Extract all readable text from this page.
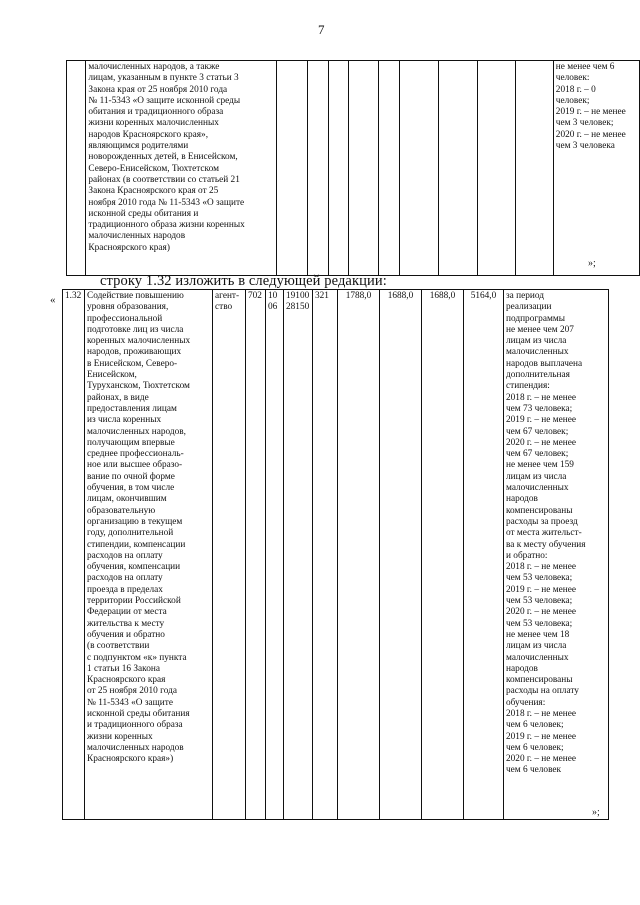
7
	малочисленных народов, а также
лицам, указанным в пункте 3 статьи 3
Закона края от 25 ноября 2010 года
№ 11-5343 «О защите исконной среды
обитания и традиционного образа
жизни коренных малочисленных
народов Красноярского края»,
являющимся родителями
новорожденных детей, в Енисейском,
Северо-Енисейском, Тюхтетском
районах (в соответствии со статьей 21
Закона Красноярского края от 25
ноября 2010 года № 11-5343 «О защите
исконной среды обитания и
традиционного образа жизни коренных
малочисленных народов
Красноярского края)										не менее чем 6
человек:
2018 г. – 0
человек;
2019 г. – не менее
чем 3 человек;
2020 г. – не менее
чем 3 человека
»;
строку 1.32 изложить в следующей редакции:
« 1.32	Содействие повышению
уровня образования,
профессиональной
подготовке лиц из числа
коренных малочисленных
народов, проживающих
в Енисейском, Северо-
Енисейском,
Туруханском, Тюхтетском
районах, в виде
предоставления лицам
из числа коренных
малочисленных народов,
получающим впервые
среднее профессиональ-
ное или высшее образо-
вание по очной форме
обучения, в том числе
лицам, окончившим
образовательную
организацию в текущем
году, дополнительной
стипендии, компенсации
расходов на оплату
обучения, компенсации
расходов на оплату
проезда в пределах
территории Российской
Федерации от места
жительства к месту
обучения и обратно
(в соответствии
с подпунктом «к» пункта
1 статьи 16 Закона
Красноярского края
от 25 ноября 2010 года
№ 11-5343 «О защите
исконной среды обитания
и традиционного образа
жизни коренных
малочисленных народов
Красноярского края»)	агент-
ство	702	10
06	19100
28150	321	1788,0	1688,0	1688,0	5164,0	за период
реализации
подпрограммы
не менее чем 207
лицам из числа
малочисленных
народов выплачена
дополнительная
стипендия:
2018 г. – не менее
чем 73 человека;
2019 г. – не менее
чем 67 человек;
2020 г. – не менее
чем 67 человек;
не менее чем 159
лицам из числа
малочисленных
народов
компенсированы
расходы за проезд
от места жительст-
ва к месту обучения
и обратно:
2018 г. – не менее
чем 53 человека;
2019 г. – не менее
чем 53 человека;
2020 г. – не менее
чем 53 человека;
не менее чем 18
лицам из числа
малочисленных
народов
компенсированы
расходы на оплату
обучения:
2018 г. – не менее
чем 6 человек;
2019 г. – не менее
чем 6 человек;
2020 г. – не менее
чем 6 человек
»;
